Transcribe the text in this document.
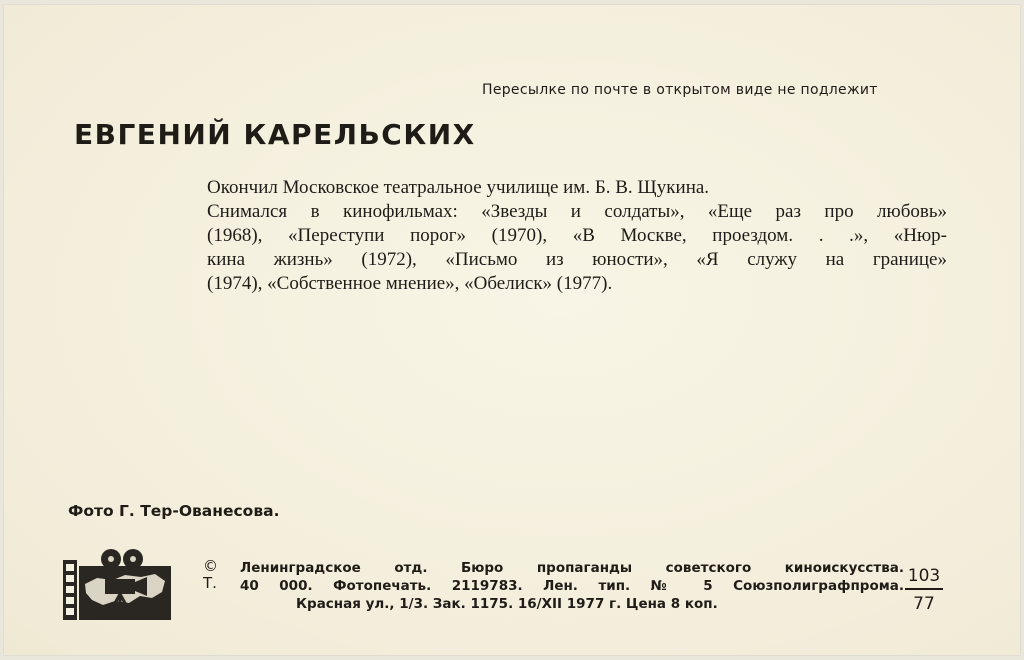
Пересылке по почте в открытом виде не подлежит
ЕВГЕНИЙ КАРЕЛЬСКИХ
Окончил Московское театральное училище им. Б. В. Щукина.
Снимался в кинофильмах: «Звезды и солдаты», «Еще раз про любовь»
(1968), «Переступи порог» (1970), «В Москве, проездом. . .», «Нюр-
кина жизнь» (1972), «Письмо из юности», «Я служу на границе»
(1974), «Собственное мнение», «Обелиск» (1977).
Фото Г. Тер-Ованесова.
©
Т.
Ленинградское отд. Бюро пропаганды советского киноискусства.
40 000. Фотопечать. 2119783. Лен. тип. № 5 Союзполиграфпрома.
Красная ул., 1/3. Зак. 1175. 16/XII 1977 г. Цена 8 коп.	$\frac{103}{77}$
